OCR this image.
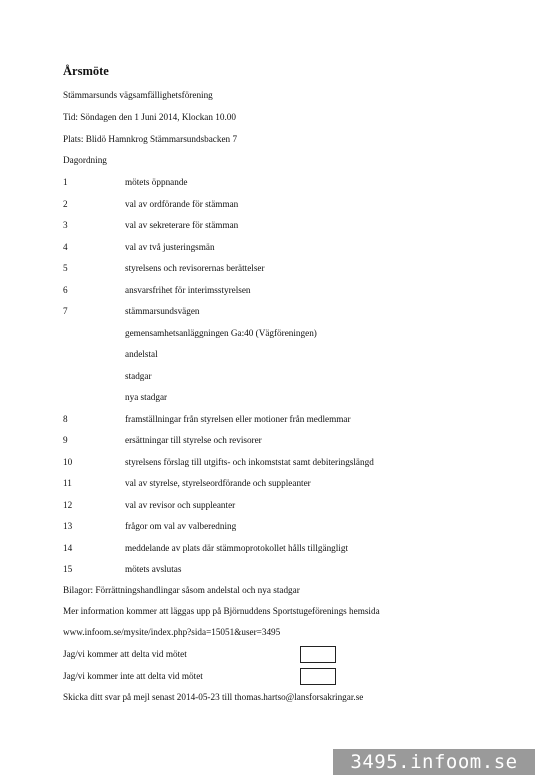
Årsmöte
Stämmarsunds vägsamfällighetsförening
Tid: Söndagen den 1 Juni 2014, Klockan 10.00
Plats: Blidö Hamnkrog Stämmarsundsbacken 7
Dagordning
1	mötets öppnande
2	val av ordförande för stämman
3	val av sekreterare för stämman
4	val av två justeringsmän
5	styrelsens och revisorernas berättelser
6	ansvarsfrihet för interimsstyrelsen
7	stämmarsundsvägen
gemensamhetsanläggningen Ga:40 (Vägföreningen)
andelstal
stadgar
nya stadgar
8	framställningar från styrelsen eller motioner från medlemmar
9	ersättningar till styrelse och revisorer
10	styrelsens förslag till utgifts- och inkomststat samt debiteringslängd
11	val av styrelse, styrelseordförande och suppleanter
12	val av revisor och suppleanter
13	frågor om val av valberedning
14	meddelande av plats där stämmoprotokollet hålls tillgängligt
15	mötets avslutas
Bilagor: Förrättningshandlingar såsom andelstal och nya stadgar
Mer information kommer att läggas upp på Björnuddens Sportstugeförenings hemsida
www.infoom.se/mysite/index.php?sida=15051&user=3495
Jag/vi kommer att delta vid mötet
Jag/vi kommer inte att delta vid mötet
Skicka ditt svar på mejl senast 2014-05-23 till thomas.hartso@lansforsakringar.se
3495.infoom.se
